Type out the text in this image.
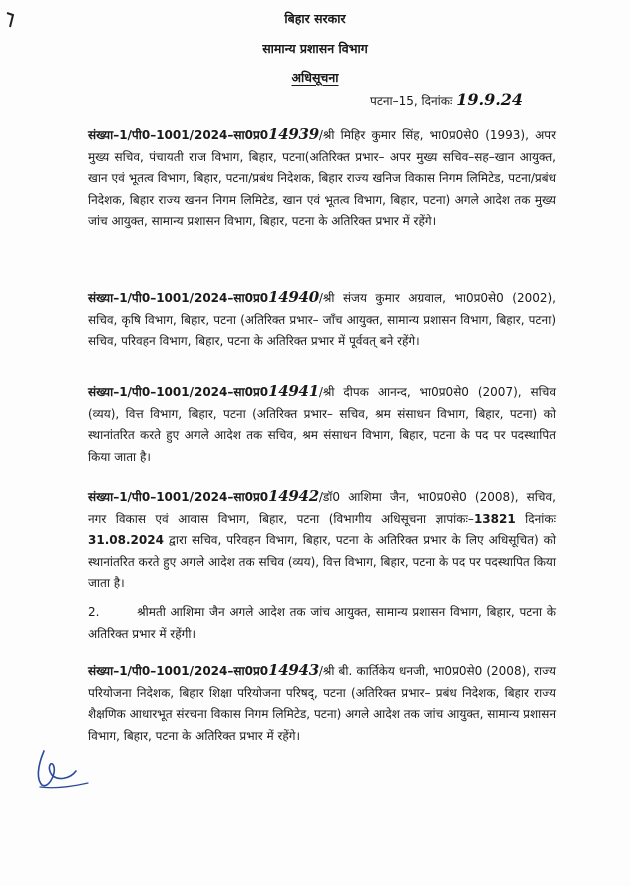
बिहार सरकार
सामान्य प्रशासन विभाग
अधिसूचना
पटना–15, दिनांकः 19.9.24
संख्या–1/पी0–1001/2024–सा0प्र014939/श्री मिहिर कुमार सिंह, भा0प्र0से0 (1993), अपर मुख्य सचिव, पंचायती राज विभाग, बिहार, पटना(अतिरिक्त प्रभार– अपर मुख्य सचिव–सह–खान आयुक्त, खान एवं भूतत्व विभाग, बिहार, पटना/प्रबंध निदेशक, बिहार राज्य खनिज विकास निगम लिमिटेड, पटना/प्रबंध निदेशक, बिहार राज्य खनन निगम लिमिटेड, खान एवं भूतत्व विभाग, बिहार, पटना) अगले आदेश तक मुख्य जांच आयुक्त, सामान्य प्रशासन विभाग, बिहार, पटना के अतिरिक्त प्रभार में रहेंगे।
संख्या–1/पी0–1001/2024–सा0प्र014940/श्री संजय कुमार अग्रवाल, भा0प्र0से0 (2002), सचिव, कृषि विभाग, बिहार, पटना (अतिरिक्त प्रभार– जाँच आयुक्त, सामान्य प्रशासन विभाग, बिहार, पटना) सचिव, परिवहन विभाग, बिहार, पटना के अतिरिक्त प्रभार में पूर्ववत् बने रहेंगे।
संख्या–1/पी0–1001/2024–सा0प्र014941/श्री दीपक आनन्द, भा0प्र0से0 (2007), सचिव (व्यय), वित्त विभाग, बिहार, पटना (अतिरिक्त प्रभार– सचिव, श्रम संसाधन विभाग, बिहार, पटना) को स्थानांतरित करते हुए अगले आदेश तक सचिव, श्रम संसाधन विभाग, बिहार, पटना के पद पर पदस्थापित किया जाता है।
संख्या–1/पी0–1001/2024–सा0प्र014942/डॉ0 आशिमा जैन, भा0प्र0से0 (2008), सचिव, नगर विकास एवं आवास विभाग, बिहार, पटना (विभागीय अधिसूचना ज्ञापांकः–13821 दिनांकः 31.08.2024 द्वारा सचिव, परिवहन विभाग, बिहार, पटना के अतिरिक्त प्रभार के लिए अधिसूचित) को स्थानांतरित करते हुए अगले आदेश तक सचिव (व्यय), वित्त विभाग, बिहार, पटना के पद पर पदस्थापित किया जाता है।
2.	श्रीमती आशिमा जैन अगले आदेश तक जांच आयुक्त, सामान्य प्रशासन विभाग, बिहार, पटना के अतिरिक्त प्रभार में रहेंगी।
संख्या–1/पी0–1001/2024–सा0प्र014943/श्री बी. कार्तिकेय धनजी, भा0प्र0से0 (2008), राज्य परियोजना निदेशक, बिहार शिक्षा परियोजना परिषद्, पटना (अतिरिक्त प्रभार– प्रबंध निदेशक, बिहार राज्य शैक्षणिक आधारभूत संरचना विकास निगम लिमिटेड, पटना) अगले आदेश तक जांच आयुक्त, सामान्य प्रशासन विभाग, बिहार, पटना के अतिरिक्त प्रभार में रहेंगे।
